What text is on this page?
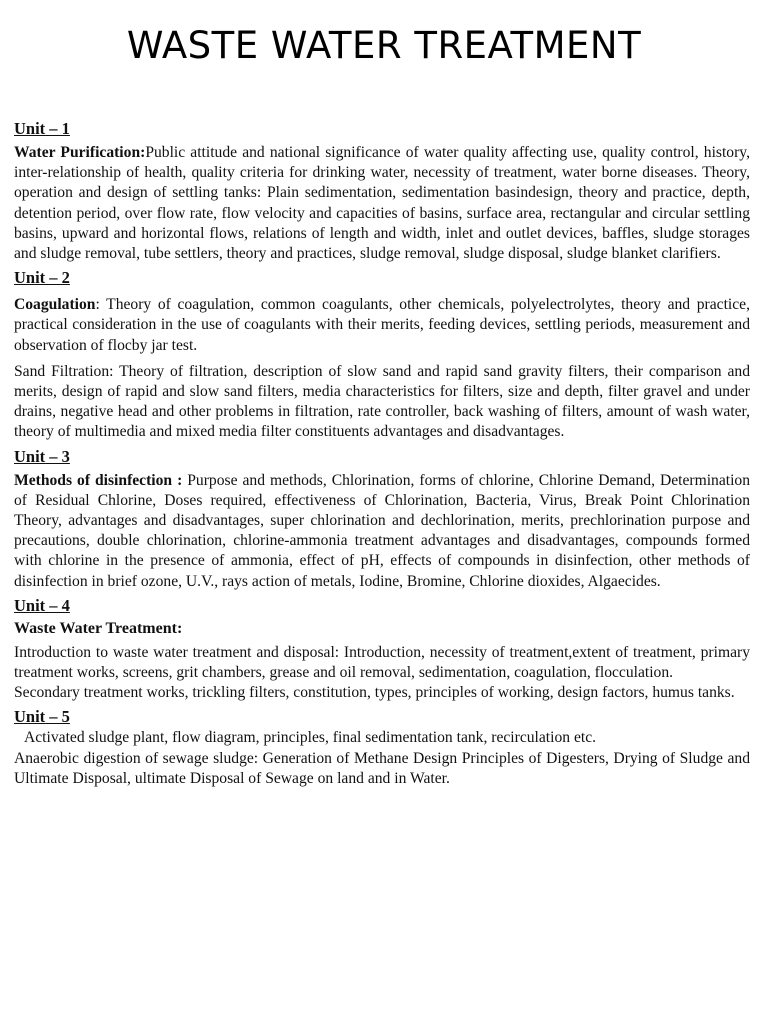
WASTE WATER TREATMENT

Unit – 1

Water Purification:Public attitude and national significance of water quality affecting use, quality control, history, inter-relationship of health, quality criteria for drinking water, necessity of treatment, water borne diseases. Theory, operation and design of settling tanks: Plain sedimentation, sedimentation basindesign, theory and practice, depth, detention period, over flow rate, flow velocity and capacities of basins, surface area, rectangular and circular settling basins, upward and horizontal flows, relations of length and width, inlet and outlet devices, baffles, sludge storages and sludge removal, tube settlers, theory and practices, sludge removal, sludge disposal, sludge blanket clarifiers.

Unit – 2

Coagulation: Theory of coagulation, common coagulants, other chemicals, polyelectrolytes, theory and practice, practical consideration in the use of coagulants with their merits, feeding devices, settling periods, measurement and observation of flocby jar test.

Sand Filtration: Theory of filtration, description of slow sand and rapid sand gravity filters, their comparison and merits, design of rapid and slow sand filters, media characteristics for filters, size and depth, filter gravel and under drains, negative head and other problems in filtration, rate controller, back washing of filters, amount of wash water, theory of multimedia and mixed media filter constituents advantages and disadvantages.

Unit – 3

Methods of disinfection : Purpose and methods, Chlorination, forms of chlorine, Chlorine Demand, Determination of Residual Chlorine, Doses required, effectiveness of Chlorination, Bacteria, Virus, Break Point Chlorination Theory, advantages and disadvantages, super chlorination and dechlorination, merits, prechlorination purpose and precautions, double chlorination, chlorine-ammonia treatment advantages and disadvantages, compounds formed with chlorine in the presence of ammonia, effect of pH, effects of compounds in disinfection, other methods of disinfection in brief ozone, U.V., rays action of metals, Iodine, Bromine, Chlorine dioxides, Algaecides.

Unit – 4

Waste Water Treatment:

Introduction to waste water treatment and disposal: Introduction, necessity of treatment,extent of treatment, primary treatment works, screens, grit chambers, grease and oil removal, sedimentation, coagulation, flocculation.

Secondary treatment works, trickling filters, constitution, types, principles of working, design factors, humus tanks.

Unit – 5

Activated sludge plant, flow diagram, principles, final sedimentation tank, recirculation etc.

Anaerobic digestion of sewage sludge: Generation of Methane Design Principles of Digesters, Drying of Sludge and Ultimate Disposal, ultimate Disposal of Sewage on land and in Water.
